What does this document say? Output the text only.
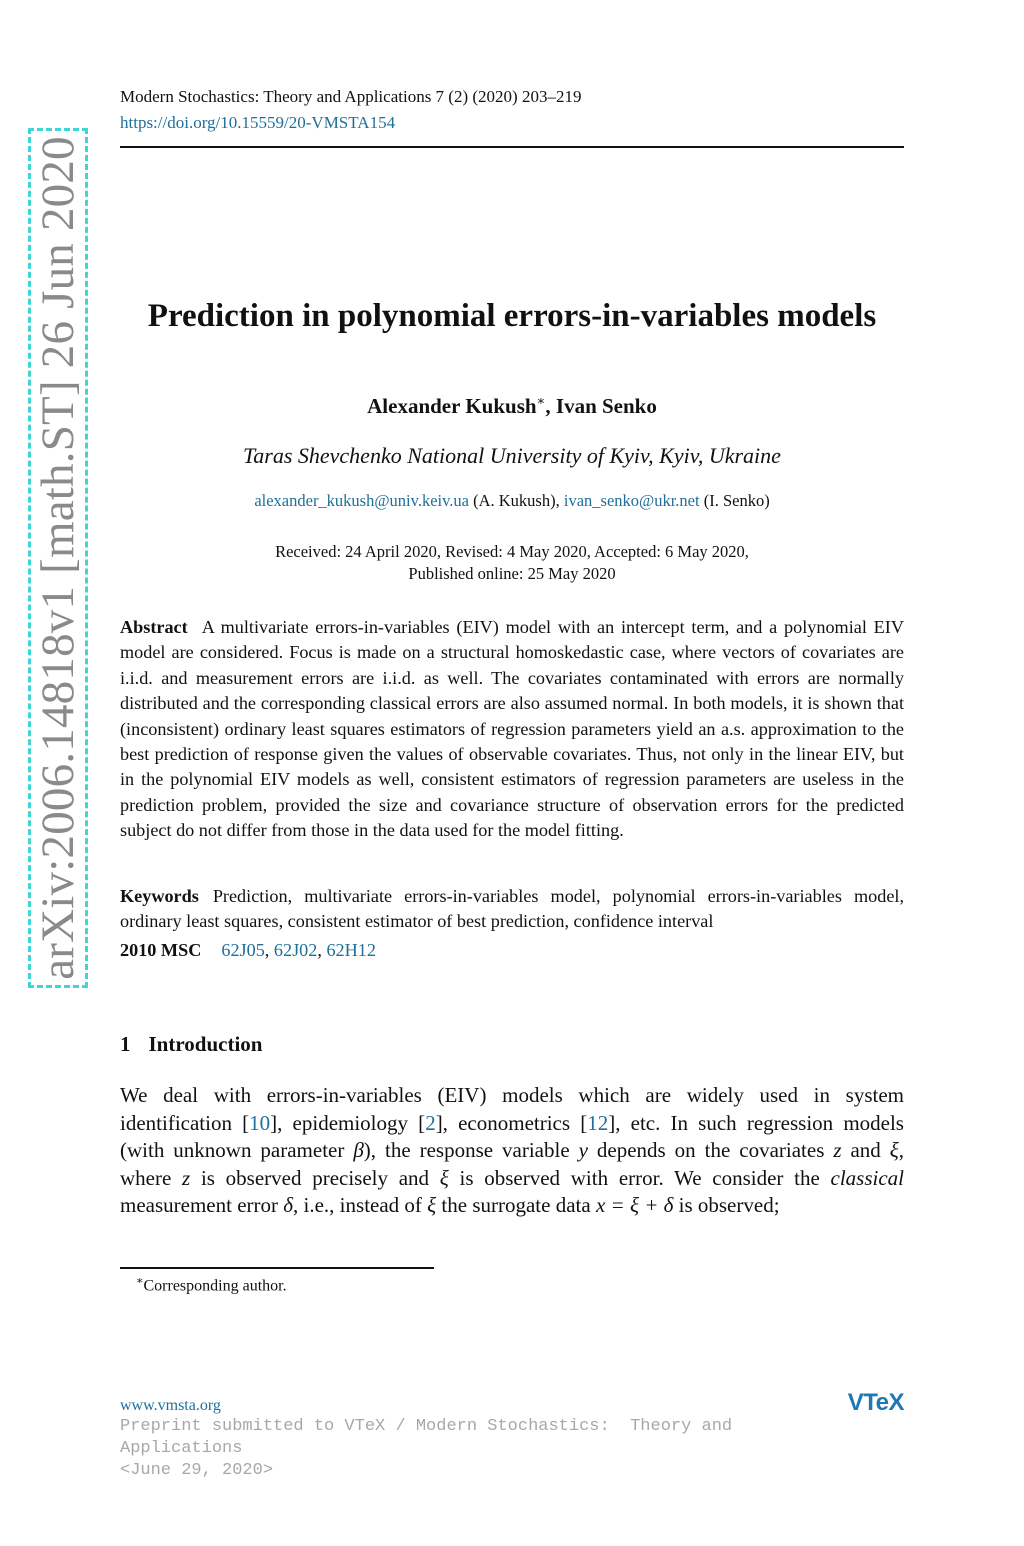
arXiv:2006.14818v1 [math.ST] 26 Jun 2020
Modern Stochastics: Theory and Applications 7 (2) (2020) 203–219
https://doi.org/10.15559/20-VMSTA154
Prediction in polynomial errors-in-variables models
Alexander Kukush∗, Ivan Senko
Taras Shevchenko National University of Kyiv, Kyiv, Ukraine
alexander_kukush@univ.keiv.ua (A. Kukush), ivan_senko@ukr.net (I. Senko)
Received: 24 April 2020, Revised: 4 May 2020, Accepted: 6 May 2020,
Published online: 25 May 2020

Abstract A multivariate errors-in-variables (EIV) model with an intercept term, and a polynomial EIV model are considered. Focus is made on a structural homoskedastic case, where vectors of covariates are i.i.d. and measurement errors are i.i.d. as well. The covariates contaminated with errors are normally distributed and the corresponding classical errors are also assumed normal. In both models, it is shown that (inconsistent) ordinary least squares estimators of regression parameters yield an a.s. approximation to the best prediction of response given the values of observable covariates. Thus, not only in the linear EIV, but in the polynomial EIV models as well, consistent estimators of regression parameters are useless in the prediction problem, provided the size and covariance structure of observation errors for the predicted subject do not differ from those in the data used for the model fitting.

Keywords Prediction, multivariate errors-in-variables model, polynomial errors-in-variables model, ordinary least squares, consistent estimator of best prediction, confidence interval

2010 MSC 62J05, 62J02, 62H12
1 Introduction

We deal with errors-in-variables (EIV) models which are widely used in system identification [10], epidemiology [2], econometrics [12], etc. In such regression models (with unknown parameter β), the response variable y depends on the covariates z and ξ, where z is observed precisely and ξ is observed with error. We consider the classical measurement error δ, i.e., instead of ξ the surrogate data x = ξ + δ is observed;

∗Corresponding author.
www.vmsta.org
Preprint submitted to VTeX / Modern Stochastics:  Theory and
Applications
<June 29, 2020>
VTeX
